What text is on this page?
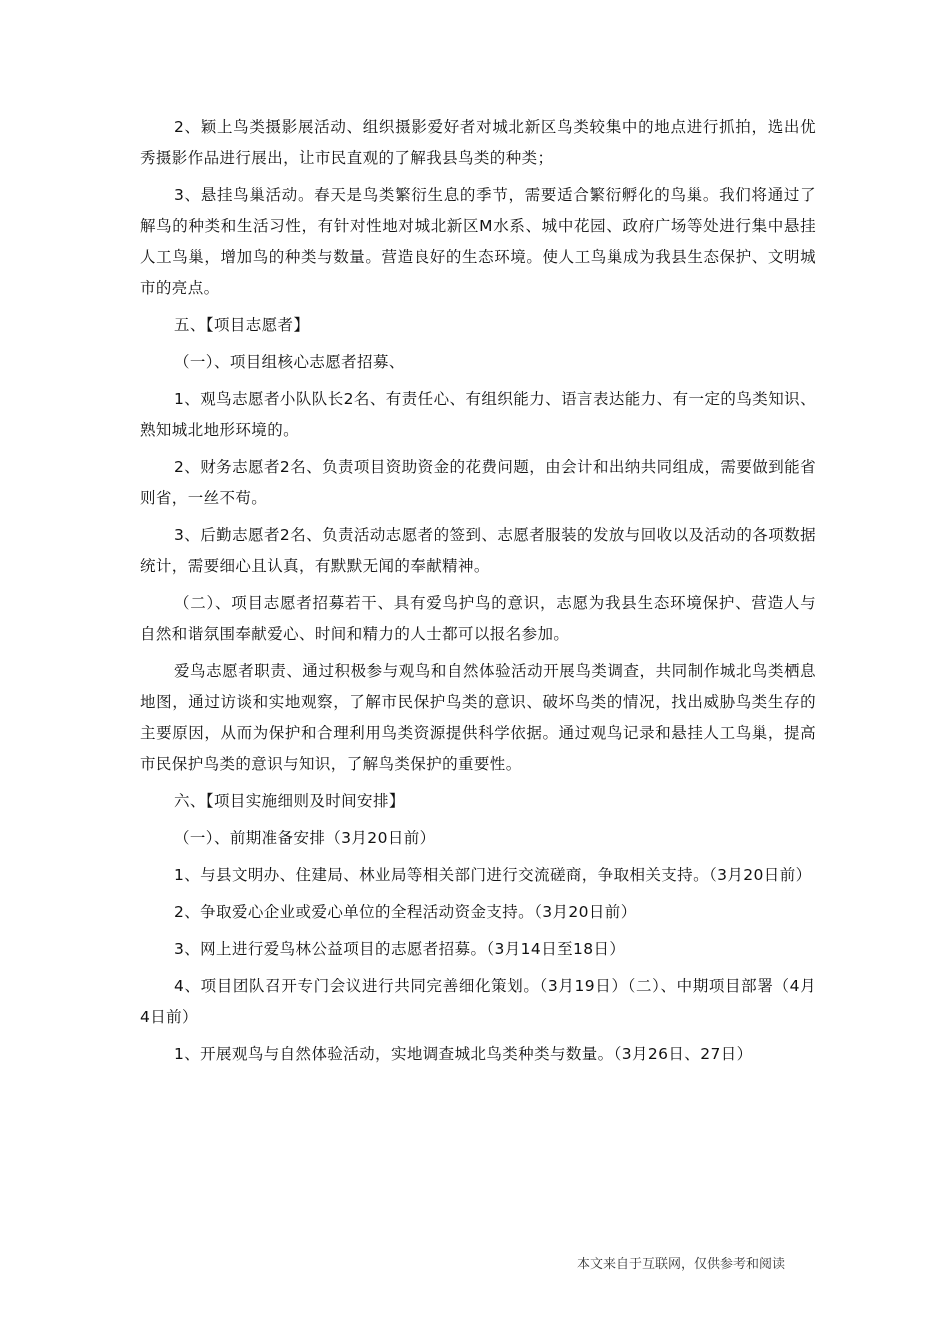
2、颖上鸟类摄影展活动、组织摄影爱好者对城北新区鸟类较集中的地点进行抓拍，选出优秀摄影作品进行展出，让市民直观的了解我县鸟类的种类；

3、悬挂鸟巢活动。春天是鸟类繁衍生息的季节，需要适合繁衍孵化的鸟巢。我们将通过了解鸟的种类和生活习性，有针对性地对城北新区M水系、城中花园、政府广场等处进行集中悬挂人工鸟巢，增加鸟的种类与数量。营造良好的生态环境。使人工鸟巢成为我县生态保护、文明城市的亮点。

五、【项目志愿者】

（一）、项目组核心志愿者招募、

1、观鸟志愿者小队队长2名、有责任心、有组织能力、语言表达能力、有一定的鸟类知识、熟知城北地形环境的。

2、财务志愿者2名、负责项目资助资金的花费问题，由会计和出纳共同组成，需要做到能省则省，一丝不苟。

3、后勤志愿者2名、负责活动志愿者的签到、志愿者服装的发放与回收以及活动的各项数据统计，需要细心且认真，有默默无闻的奉献精神。

（二）、项目志愿者招募若干、具有爱鸟护鸟的意识，志愿为我县生态环境保护、营造人与自然和谐氛围奉献爱心、时间和精力的人士都可以报名参加。

爱鸟志愿者职责、通过积极参与观鸟和自然体验活动开展鸟类调查，共同制作城北鸟类栖息地图，通过访谈和实地观察，了解市民保护鸟类的意识、破坏鸟类的情况，找出威胁鸟类生存的主要原因，从而为保护和合理利用鸟类资源提供科学依据。通过观鸟记录和悬挂人工鸟巢，提高市民保护鸟类的意识与知识，了解鸟类保护的重要性。

六、【项目实施细则及时间安排】

（一）、前期准备安排（3月20日前）

1、与县文明办、住建局、林业局等相关部门进行交流磋商，争取相关支持。（3月20日前）

2、争取爱心企业或爱心单位的全程活动资金支持。（3月20日前）

3、网上进行爱鸟林公益项目的志愿者招募。（3月14日至18日）

4、项目团队召开专门会议进行共同完善细化策划。（3月19日）（二）、中期项目部署（4月4日前）

1、开展观鸟与自然体验活动，实地调查城北鸟类种类与数量。（3月26日、27日）

本文来自于互联网，仅供参考和阅读
